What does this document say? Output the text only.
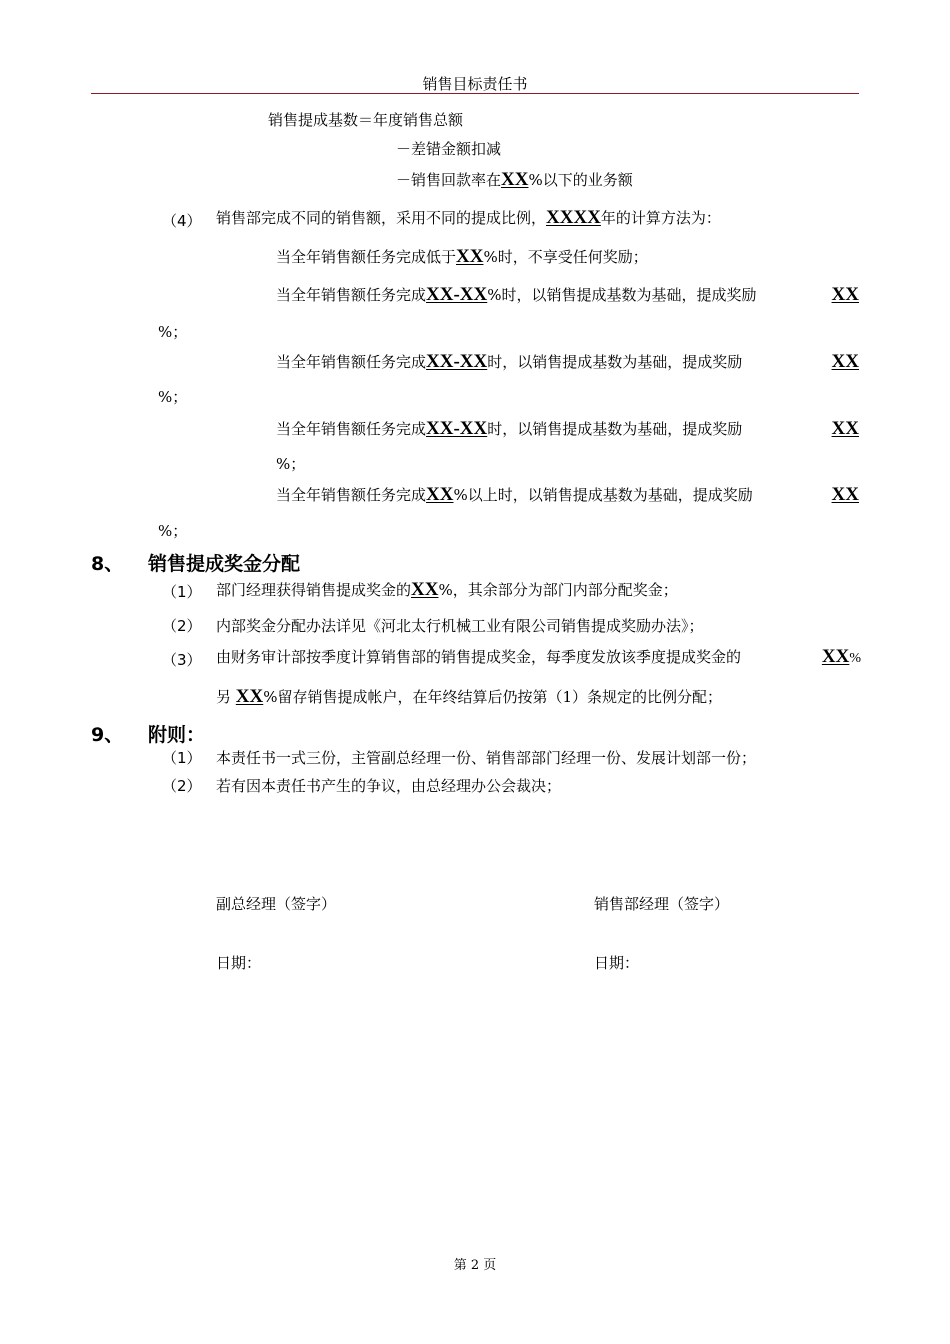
销售目标责任书
销售提成基数＝年度销售总额
－差错金额扣减
－销售回款率在XX%以下的业务额
（4） 销售部完成不同的销售额，采用不同的提成比例，XXXX年的计算方法为：
当全年销售额任务完成低于XX%时，不享受任何奖励；
当全年销售额任务完成XX-XX%时，以销售提成基数为基础，提成奖励	XX
%；
当全年销售额任务完成XX-XX时，以销售提成基数为基础，提成奖励	XX
%；
当全年销售额任务完成XX-XX时，以销售提成基数为基础，提成奖励	XX
%；
当全年销售额任务完成XX%以上时，以销售提成基数为基础，提成奖励	XX
%；
8、 销售提成奖金分配
（1） 部门经理获得销售提成奖金的XX%，其余部分为部门内部分配奖金；
（2） 内部奖金分配办法详见《河北太行机械工业有限公司销售提成奖励办法》；
（3） 由财务审计部按季度计算销售部的销售提成奖金，每季度发放该季度提成奖金的	XX%
另 XX%留存销售提成帐户，在年终结算后仍按第（1）条规定的比例分配；
9、 附则：
（1） 本责任书一式三份，主管副总经理一份、销售部部门经理一份、发展计划部一份；
（2） 若有因本责任书产生的争议，由总经理办公会裁决；
副总经理（签字）	销售部经理（签字）
日期：	日期：
第 2 页
